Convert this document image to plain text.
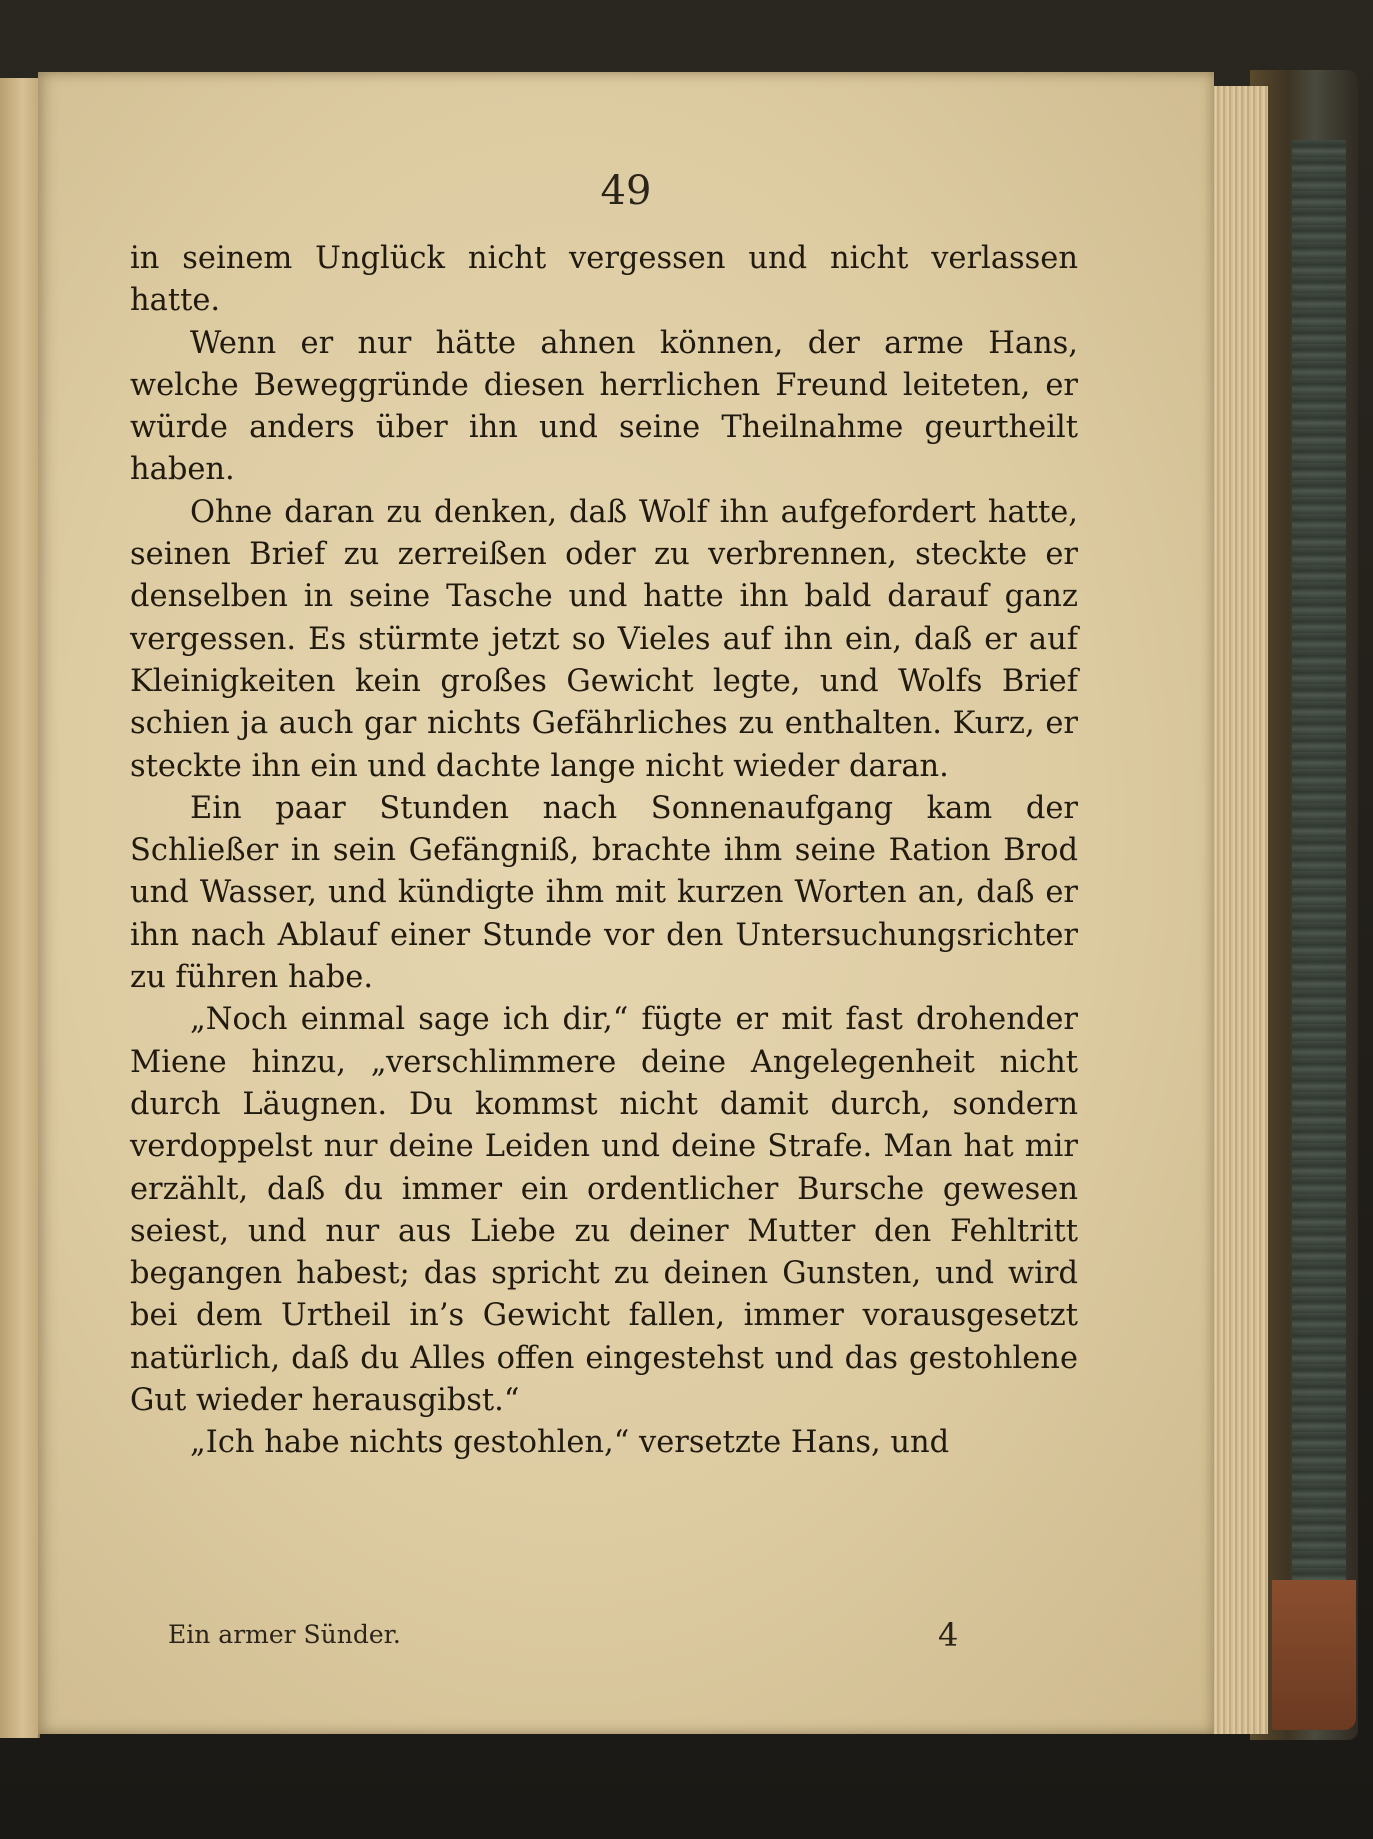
49

in seinem Unglück nicht vergessen und nicht verlassen hatte.

Wenn er nur hätte ahnen können, der arme Hans, welche Beweggründe diesen herrlichen Freund leiteten, er würde anders über ihn und seine Theilnahme geurtheilt haben.

Ohne daran zu denken, daß Wolf ihn aufgefordert hatte, seinen Brief zu zerreißen oder zu verbrennen, steckte er denselben in seine Tasche und hatte ihn bald darauf ganz vergessen. Es stürmte jetzt so Vieles auf ihn ein, daß er auf Kleinigkeiten kein großes Gewicht legte, und Wolfs Brief schien ja auch gar nichts Gefährliches zu enthalten. Kurz, er steckte ihn ein und dachte lange nicht wieder daran.

Ein paar Stunden nach Sonnenaufgang kam der Schließer in sein Gefängniß, brachte ihm seine Ration Brod und Wasser, und kündigte ihm mit kurzen Worten an, daß er ihn nach Ablauf einer Stunde vor den Untersuchungsrichter zu führen habe.

„Noch einmal sage ich dir,“ fügte er mit fast drohender Miene hinzu, „verschlimmere deine Angelegenheit nicht durch Läugnen. Du kommst nicht damit durch, sondern verdoppelst nur deine Leiden und deine Strafe. Man hat mir erzählt, daß du immer ein ordentlicher Bursche gewesen seiest, und nur aus Liebe zu deiner Mutter den Fehltritt begangen habest; das spricht zu deinen Gunsten, und wird bei dem Urtheil in’s Gewicht fallen, immer vorausgesetzt natürlich, daß du Alles offen eingestehst und das gestohlene Gut wieder herausgibst.“

„Ich habe nichts gestohlen,“ versetzte Hans, und

Ein armer Sünder.	4
